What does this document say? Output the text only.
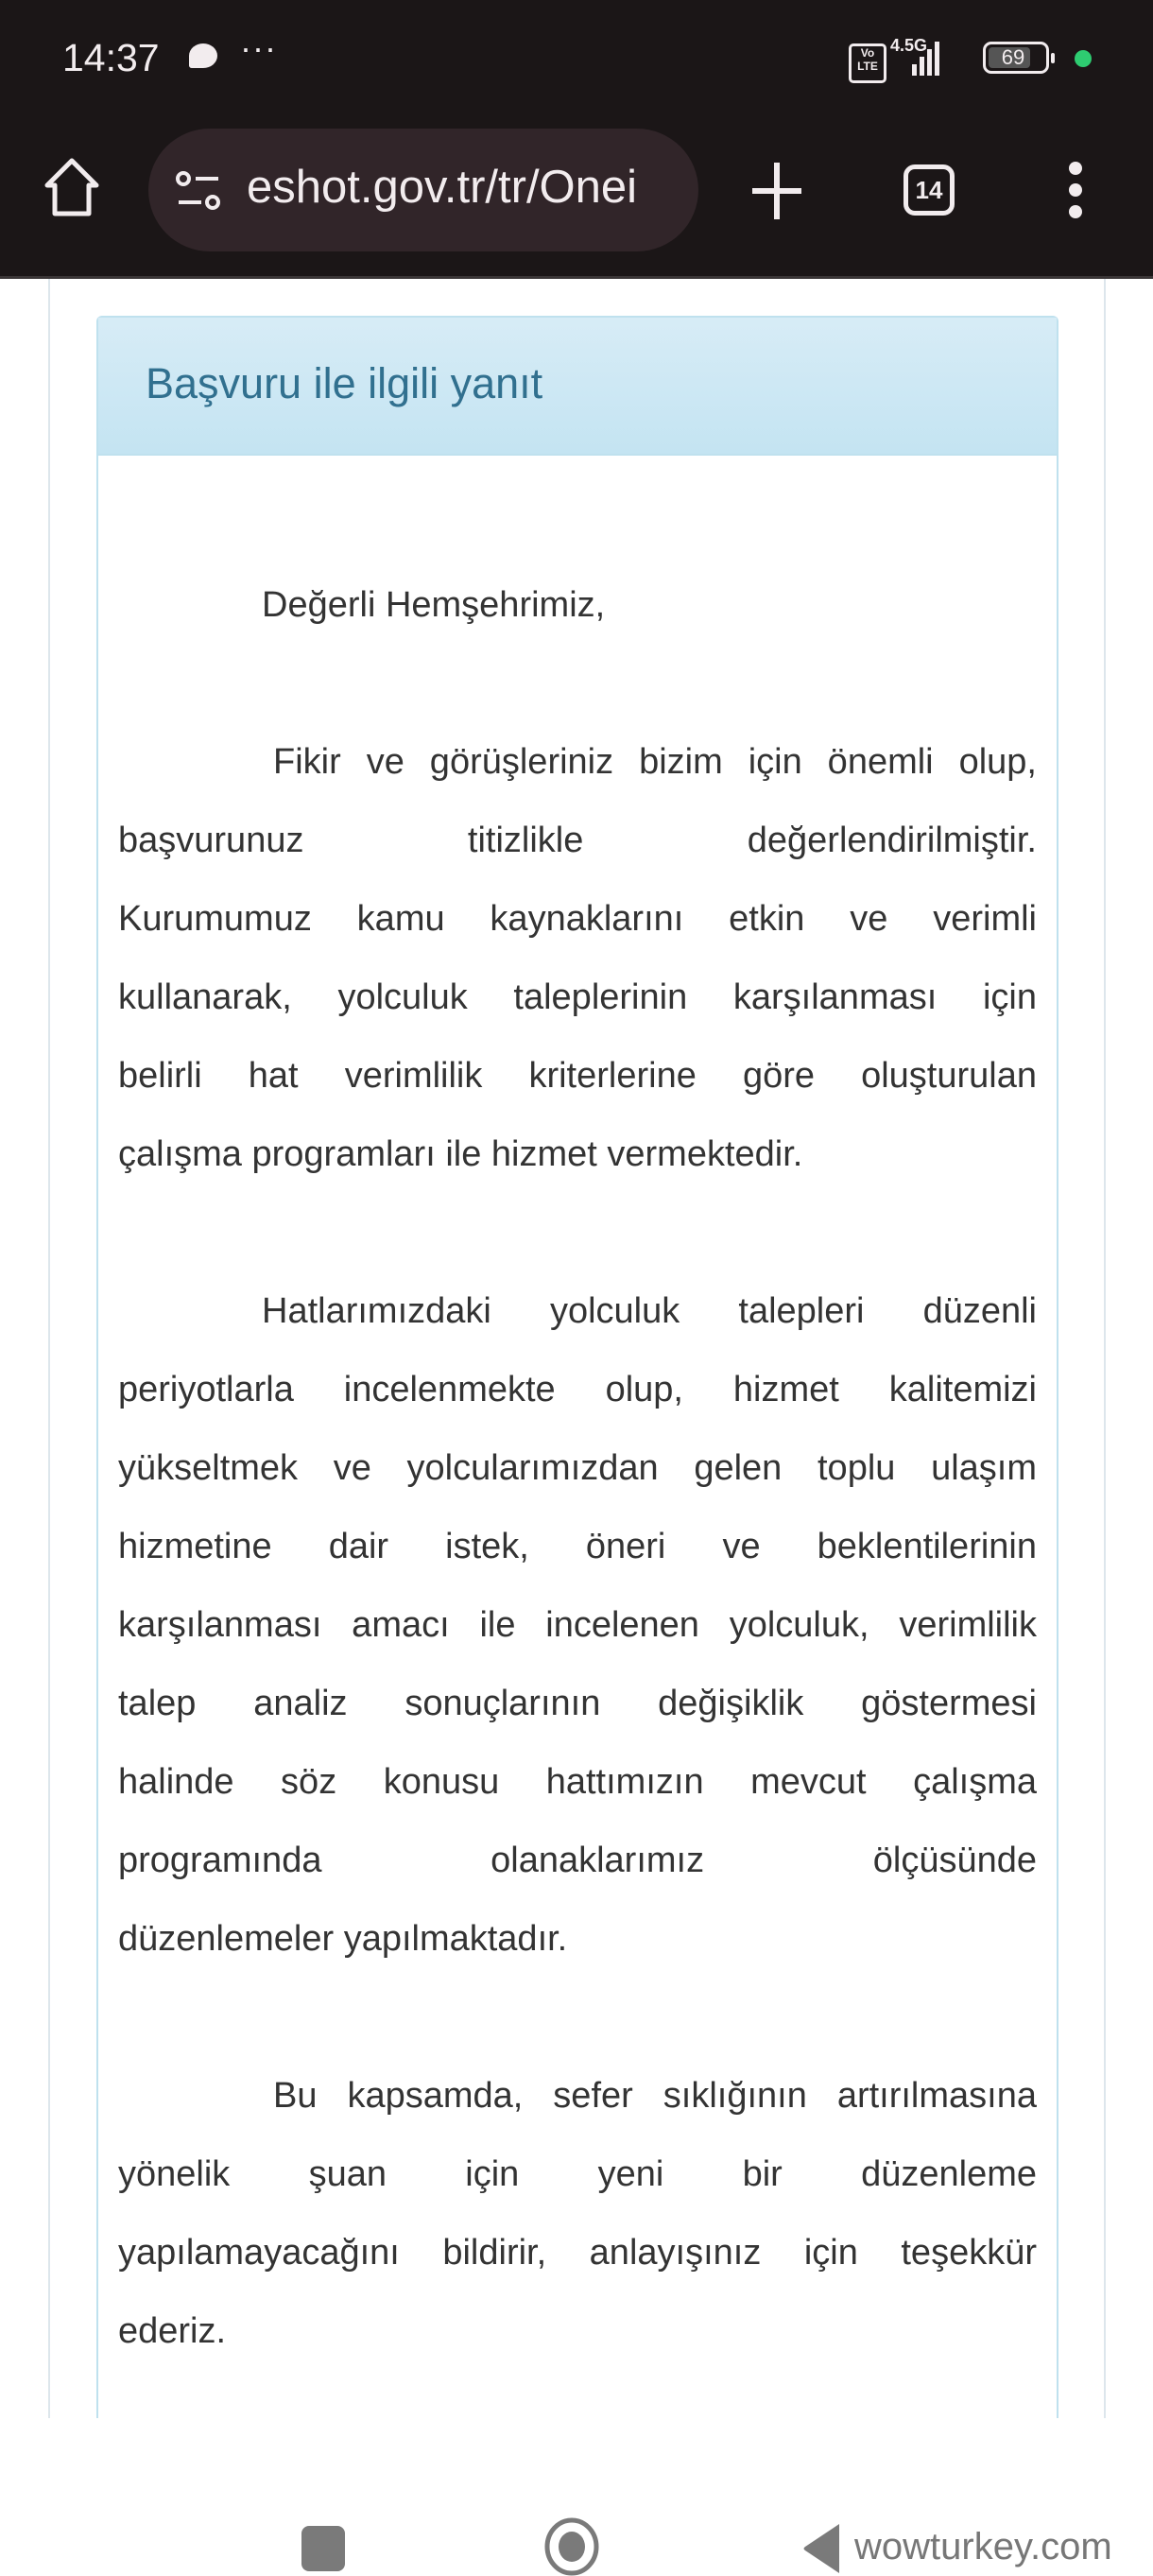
14:37 ···	Vo LTE
4.5G	69
eshot.gov.tr/tr/Onei	14
Başvuru ile ilgili yanıt
Değerli Hemşehrimiz,
Fikir ve görüşleriniz bizim için önemli olup,
başvurunuz titizlikle değerlendirilmiştir.
Kurumumuz kamu kaynaklarını etkin ve verimli
kullanarak, yolculuk taleplerinin karşılanması için
belirli hat verimlilik kriterlerine göre oluşturulan
çalışma programları ile hizmet vermektedir.
Hatlarımızdaki yolculuk talepleri düzenli
periyotlarla incelenmekte olup, hizmet kalitemizi
yükseltmek ve yolcularımızdan gelen toplu ulaşım
hizmetine dair istek, öneri ve beklentilerinin
karşılanması amacı ile incelenen yolculuk, verimlilik
talep analiz sonuçlarının değişiklik göstermesi
halinde söz konusu hattımızın mevcut çalışma
programında olanaklarımız ölçüsünde
düzenlemeler yapılmaktadır.
Bu kapsamda, sefer sıklığının artırılmasına
yönelik şuan için yeni bir düzenleme
yapılamayacağını bildirir, anlayışınız için teşekkür
ederiz.
wowturkey.com
